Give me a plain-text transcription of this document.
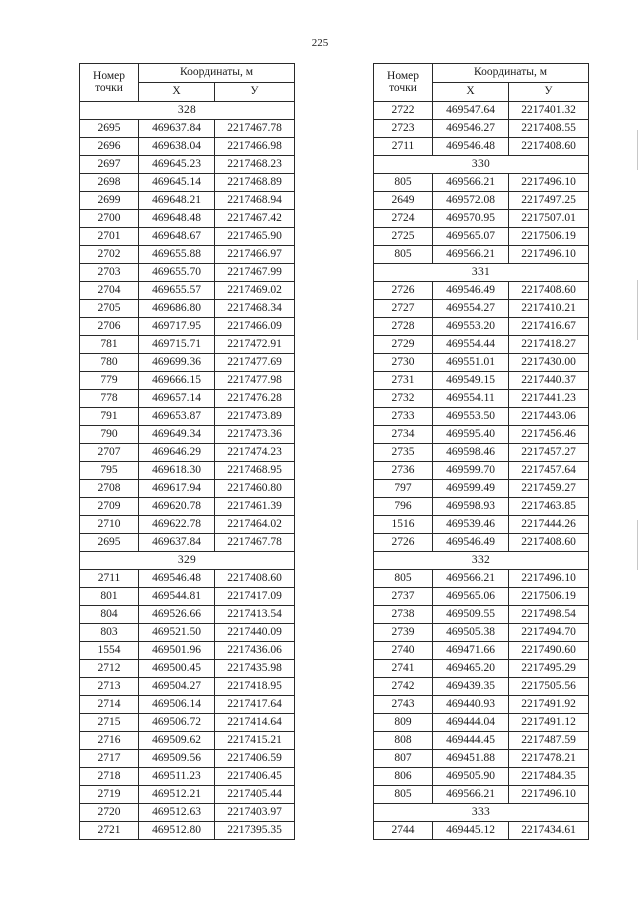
225
Номер
точки	Координаты, м	
	X	У
328		
2695	469637.84	2217467.78
2696	469638.04	2217466.98
2697	469645.23	2217468.23
2698	469645.14	2217468.89
2699	469648.21	2217468.94
2700	469648.48	2217467.42
2701	469648.67	2217465.90
2702	469655.88	2217466.97
2703	469655.70	2217467.99
2704	469655.57	2217469.02
2705	469686.80	2217468.34
2706	469717.95	2217466.09
781	469715.71	2217472.91
780	469699.36	2217477.69
779	469666.15	2217477.98
778	469657.14	2217476.28
791	469653.87	2217473.89
790	469649.34	2217473.36
2707	469646.29	2217474.23
795	469618.30	2217468.95
2708	469617.94	2217460.80
2709	469620.78	2217461.39
2710	469622.78	2217464.02
2695	469637.84	2217467.78
329		
2711	469546.48	2217408.60
801	469544.81	2217417.09
804	469526.66	2217413.54
803	469521.50	2217440.09
1554	469501.96	2217436.06
2712	469500.45	2217435.98
2713	469504.27	2217418.95
2714	469506.14	2217417.64
2715	469506.72	2217414.64
2716	469509.62	2217415.21
2717	469509.56	2217406.59
2718	469511.23	2217406.45
2719	469512.21	2217405.44
2720	469512.63	2217403.97
2721	469512.80	2217395.35
Номер
точки	Координаты, м	
	X	У
2722	469547.64	2217401.32
2723	469546.27	2217408.55
2711	469546.48	2217408.60
330		
805	469566.21	2217496.10
2649	469572.08	2217497.25
2724	469570.95	2217507.01
2725	469565.07	2217506.19
805	469566.21	2217496.10
331		
2726	469546.49	2217408.60
2727	469554.27	2217410.21
2728	469553.20	2217416.67
2729	469554.44	2217418.27
2730	469551.01	2217430.00
2731	469549.15	2217440.37
2732	469554.11	2217441.23
2733	469553.50	2217443.06
2734	469595.40	2217456.46
2735	469598.46	2217457.27
2736	469599.70	2217457.64
797	469599.49	2217459.27
796	469598.93	2217463.85
1516	469539.46	2217444.26
2726	469546.49	2217408.60
332		
805	469566.21	2217496.10
2737	469565.06	2217506.19
2738	469509.55	2217498.54
2739	469505.38	2217494.70
2740	469471.66	2217490.60
2741	469465.20	2217495.29
2742	469439.35	2217505.56
2743	469440.93	2217491.92
809	469444.04	2217491.12
808	469444.45	2217487.59
807	469451.88	2217478.21
806	469505.90	2217484.35
805	469566.21	2217496.10
333		
2744	469445.12	2217434.61
